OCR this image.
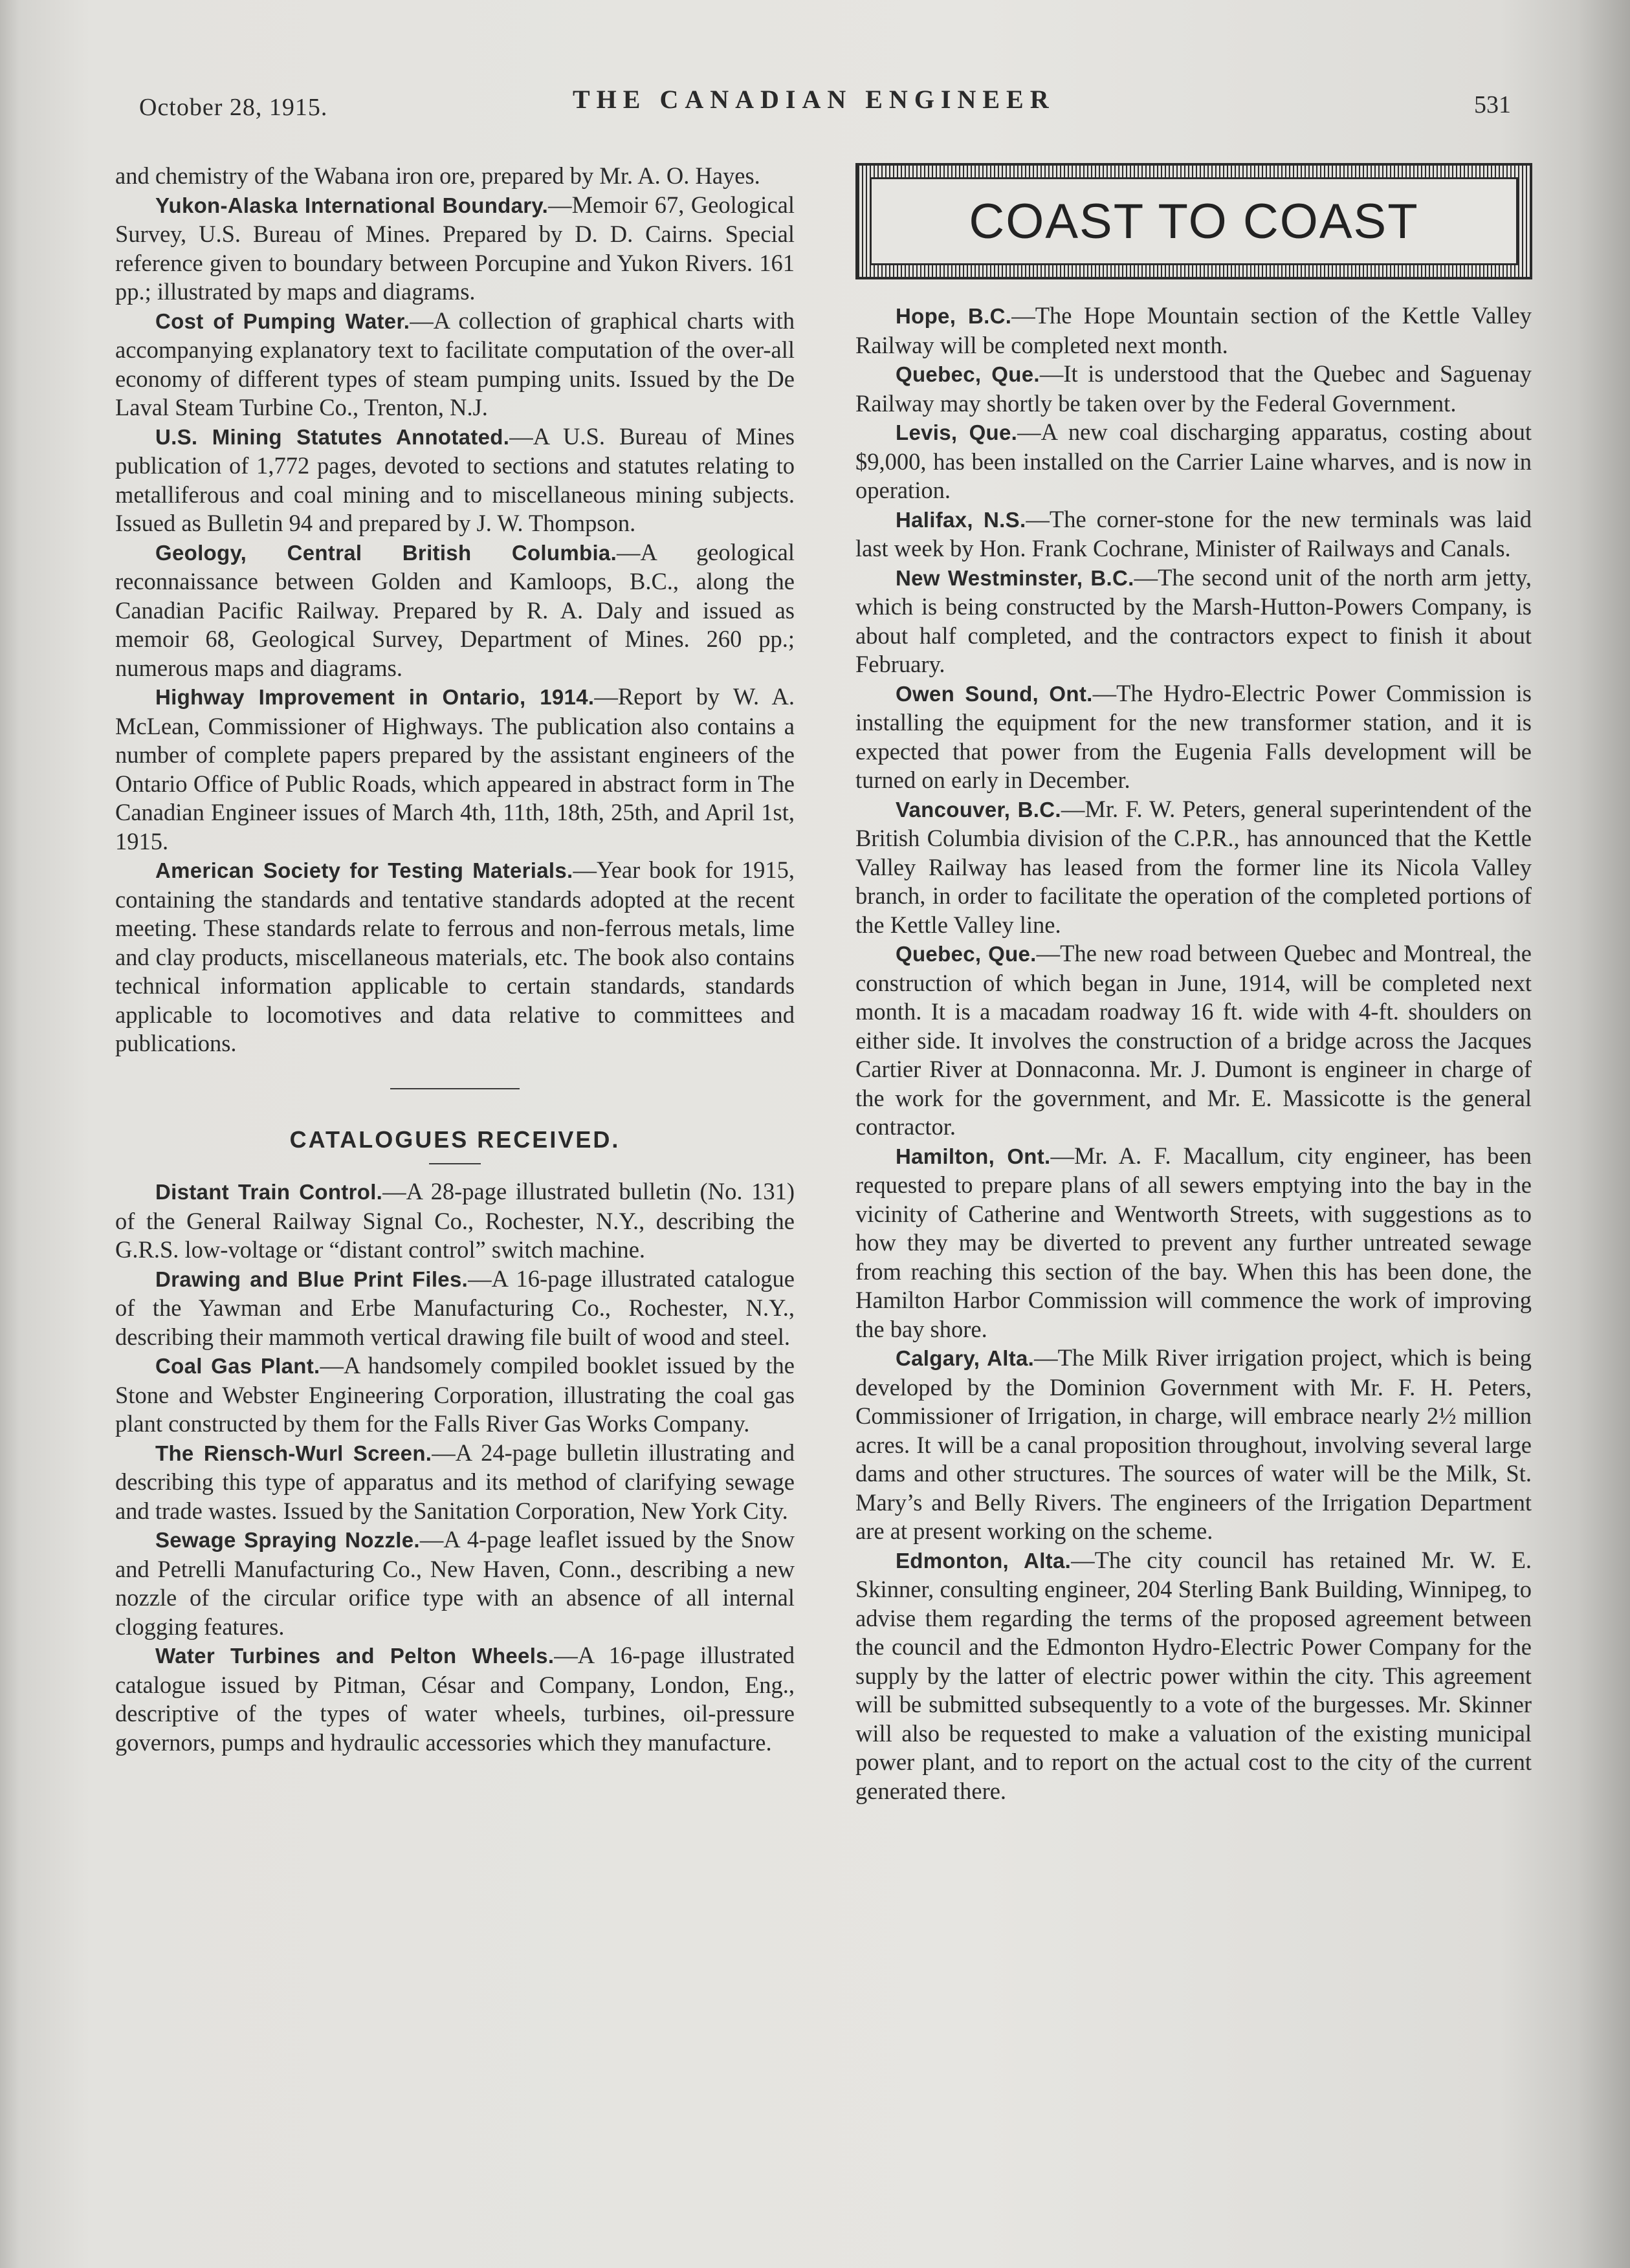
October 28, 1915.	THE CANADIAN ENGINEER	531

and chemistry of the Wabana iron ore, prepared by Mr. A. O. Hayes.

Yukon-Alaska International Boundary.—Memoir 67, Geological Survey, U.S. Bureau of Mines. Prepared by D. D. Cairns. Special reference given to boundary between Porcupine and Yukon Rivers. 161 pp.; illustrated by maps and diagrams.

Cost of Pumping Water.—A collection of graphical charts with accompanying explanatory text to facilitate computation of the over-all economy of different types of steam pumping units. Issued by the De Laval Steam Turbine Co., Trenton, N.J.

U.S. Mining Statutes Annotated.—A U.S. Bureau of Mines publication of 1,772 pages, devoted to sections and statutes relating to metalliferous and coal mining and to miscellaneous mining subjects. Issued as Bulletin 94 and prepared by J. W. Thompson.

Geology, Central British Columbia.—A geological reconnaissance between Golden and Kamloops, B.C., along the Canadian Pacific Railway. Prepared by R. A. Daly and issued as memoir 68, Geological Survey, Department of Mines. 260 pp.; numerous maps and diagrams.

Highway Improvement in Ontario, 1914.—Report by W. A. McLean, Commissioner of Highways. The publication also contains a number of complete papers prepared by the assistant engineers of the Ontario Office of Public Roads, which appeared in abstract form in The Canadian Engineer issues of March 4th, 11th, 18th, 25th, and April 1st, 1915.

American Society for Testing Materials.—Year book for 1915, containing the standards and tentative standards adopted at the recent meeting. These standards relate to ferrous and non-ferrous metals, lime and clay products, miscellaneous materials, etc. The book also contains technical information applicable to certain standards, standards applicable to locomotives and data relative to committees and publications.

CATALOGUES RECEIVED.

Distant Train Control.—A 28-page illustrated bulletin (No. 131) of the General Railway Signal Co., Rochester, N.Y., describing the G.R.S. low-voltage or “distant control” switch machine.

Drawing and Blue Print Files.—A 16-page illustrated catalogue of the Yawman and Erbe Manufacturing Co., Rochester, N.Y., describing their mammoth vertical drawing file built of wood and steel.

Coal Gas Plant.—A handsomely compiled booklet issued by the Stone and Webster Engineering Corporation, illustrating the coal gas plant constructed by them for the Falls River Gas Works Company.

The Riensch-Wurl Screen.—A 24-page bulletin illustrating and describing this type of apparatus and its method of clarifying sewage and trade wastes. Issued by the Sanitation Corporation, New York City.

Sewage Spraying Nozzle.—A 4-page leaflet issued by the Snow and Petrelli Manufacturing Co., New Haven, Conn., describing a new nozzle of the circular orifice type with an absence of all internal clogging features.

Water Turbines and Pelton Wheels.—A 16-page illustrated catalogue issued by Pitman, César and Company, London, Eng., descriptive of the types of water wheels, turbines, oil-pressure governors, pumps and hydraulic accessories which they manufacture.

COAST TO COAST

Hope, B.C.—The Hope Mountain section of the Kettle Valley Railway will be completed next month.

Quebec, Que.—It is understood that the Quebec and Saguenay Railway may shortly be taken over by the Federal Government.

Levis, Que.—A new coal discharging apparatus, costing about $9,000, has been installed on the Carrier Laine wharves, and is now in operation.

Halifax, N.S.—The corner-stone for the new terminals was laid last week by Hon. Frank Cochrane, Minister of Railways and Canals.

New Westminster, B.C.—The second unit of the north arm jetty, which is being constructed by the Marsh-Hutton-Powers Company, is about half completed, and the contractors expect to finish it about February.

Owen Sound, Ont.—The Hydro-Electric Power Commission is installing the equipment for the new transformer station, and it is expected that power from the Eugenia Falls development will be turned on early in December.

Vancouver, B.C.—Mr. F. W. Peters, general superintendent of the British Columbia division of the C.P.R., has announced that the Kettle Valley Railway has leased from the former line its Nicola Valley branch, in order to facilitate the operation of the completed portions of the Kettle Valley line.

Quebec, Que.—The new road between Quebec and Montreal, the construction of which began in June, 1914, will be completed next month. It is a macadam roadway 16 ft. wide with 4-ft. shoulders on either side. It involves the construction of a bridge across the Jacques Cartier River at Donnaconna. Mr. J. Dumont is engineer in charge of the work for the government, and Mr. E. Massicotte is the general contractor.

Hamilton, Ont.—Mr. A. F. Macallum, city engineer, has been requested to prepare plans of all sewers emptying into the bay in the vicinity of Catherine and Wentworth Streets, with suggestions as to how they may be diverted to prevent any further untreated sewage from reaching this section of the bay. When this has been done, the Hamilton Harbor Commission will commence the work of improving the bay shore.

Calgary, Alta.—The Milk River irrigation project, which is being developed by the Dominion Government with Mr. F. H. Peters, Commissioner of Irrigation, in charge, will embrace nearly 2½ million acres. It will be a canal proposition throughout, involving several large dams and other structures. The sources of water will be the Milk, St. Mary’s and Belly Rivers. The engineers of the Irrigation Department are at present working on the scheme.

Edmonton, Alta.—The city council has retained Mr. W. E. Skinner, consulting engineer, 204 Sterling Bank Building, Winnipeg, to advise them regarding the terms of the proposed agreement between the council and the Edmonton Hydro-Electric Power Company for the supply by the latter of electric power within the city. This agreement will be submitted subsequently to a vote of the burgesses. Mr. Skinner will also be requested to make a valuation of the existing municipal power plant, and to report on the actual cost to the city of the current generated there.
